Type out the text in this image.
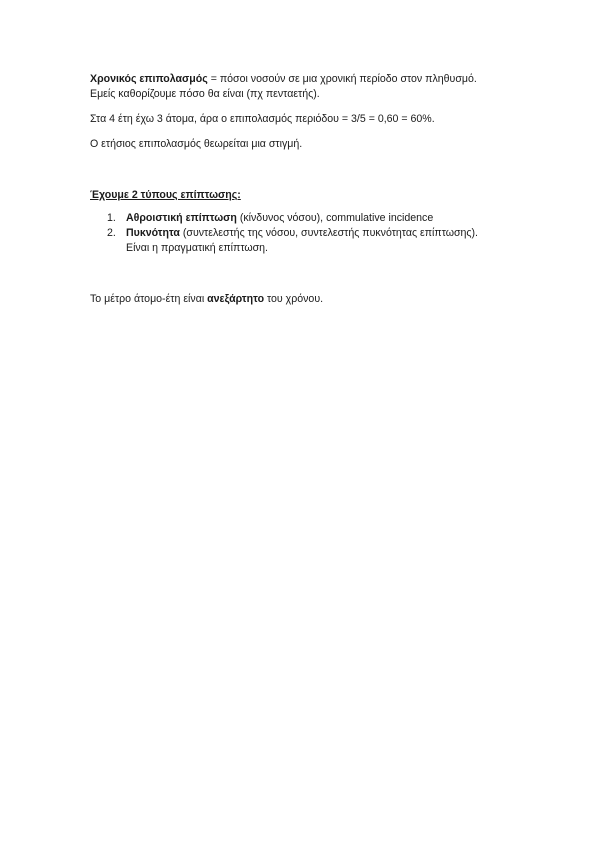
Χρονικός επιπολασμός = πόσοι νοσούν σε μια χρονική περίοδο στον πληθυσμό.
Εμείς καθορίζουμε πόσο θα είναι (πχ πενταετής).

Στα 4 έτη έχω 3 άτομα, άρα ο επιπολασμός περιόδου = 3/5 = 0,60 = 60%.

Ο ετήσιος επιπολασμός θεωρείται μια στιγμή.

Έχουμε 2 τύπους επίπτωσης:

1. Αθροιστική επίπτωση (κίνδυνος νόσου), commulative incidence
2. Πυκνότητα (συντελεστής της νόσου, συντελεστής πυκνότητας επίπτωσης).
Είναι η πραγματική επίπτωση.

Το μέτρο άτομο-έτη είναι ανεξάρτητο του χρόνου.
